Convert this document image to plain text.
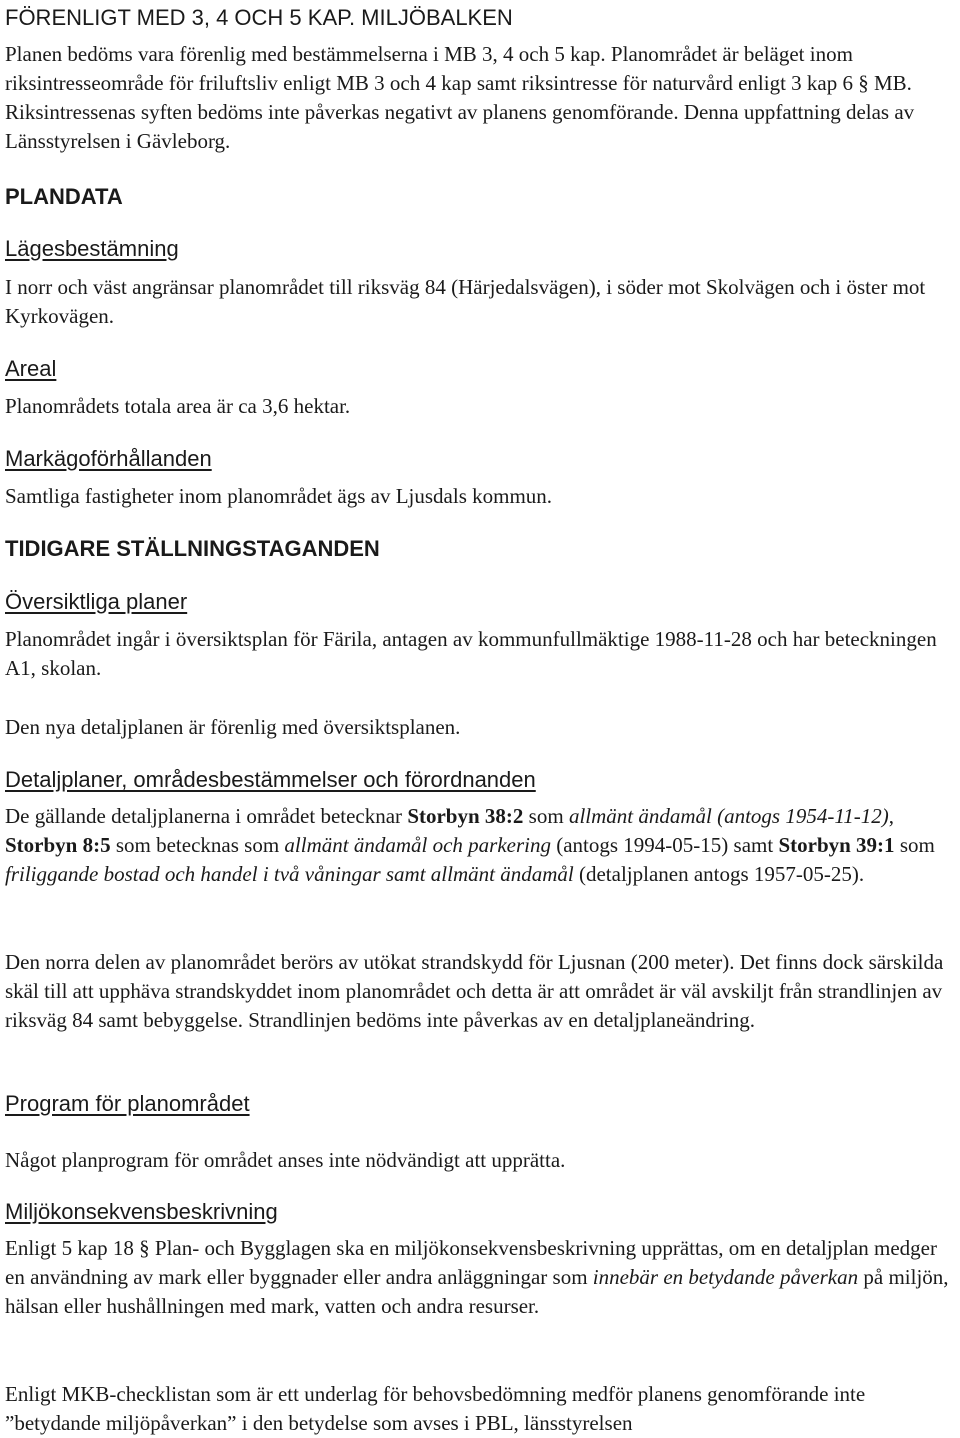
FÖRENLIGT MED 3, 4 OCH 5 KAP. MILJÖBALKEN

Planen bedöms vara förenlig med bestämmelserna i MB 3, 4 och 5 kap. Planområdet är beläget inom riksintresseområde för friluftsliv enligt MB 3 och 4 kap samt riksintresse för naturvård enligt 3 kap 6 § MB. Riksintressenas syften bedöms inte påverkas negativt av planens genomförande. Denna uppfattning delas av Länsstyrelsen i Gävleborg.

PLANDATA
Lägesbestämning

I norr och väst angränsar planområdet till riksväg 84 (Härjedalsvägen), i söder mot Skolvägen och i öster mot Kyrkovägen.

Areal

Planområdets totala area är ca 3,6 hektar.

Markägoförhållanden

Samtliga fastigheter inom planområdet ägs av Ljusdals kommun.

TIDIGARE STÄLLNINGSTAGANDEN
Översiktliga planer

Planområdet ingår i översiktsplan för Färila, antagen av kommunfullmäktige 1988-11-28 och har beteckningen A1, skolan.

Den nya detaljplanen är förenlig med översiktsplanen.

Detaljplaner, områdesbestämmelser och förordnanden

De gällande detaljplanerna i området betecknar Storbyn 38:2 som allmänt ändamål (antogs 1954-11-12), Storbyn 8:5 som betecknas som allmänt ändamål och parkering (antogs 1994-05-15) samt Storbyn 39:1 som friliggande bostad och handel i två våningar samt allmänt ändamål (detaljplanen antogs 1957-05-25).

Den norra delen av planområdet berörs av utökat strandskydd för Ljusnan (200 meter). Det finns dock särskilda skäl till att upphäva strandskyddet inom planområdet och detta är att området är väl avskiljt från strandlinjen av riksväg 84 samt bebyggelse. Strandlinjen bedöms inte påverkas av en detaljplaneändring.

Program för planområdet

Något planprogram för området anses inte nödvändigt att upprätta.

Miljökonsekvensbeskrivning

Enligt 5 kap 18 § Plan- och Bygglagen ska en miljökonsekvensbeskrivning upprättas, om en detaljplan medger en användning av mark eller byggnader eller andra anläggningar som innebär en betydande påverkan på miljön, hälsan eller hushållningen med mark, vatten och andra resurser.

Enligt MKB-checklistan som är ett underlag för behovsbedömning medför planens genomförande inte ”betydande miljöpåverkan” i den betydelse som avses i PBL, länsstyrelsen
